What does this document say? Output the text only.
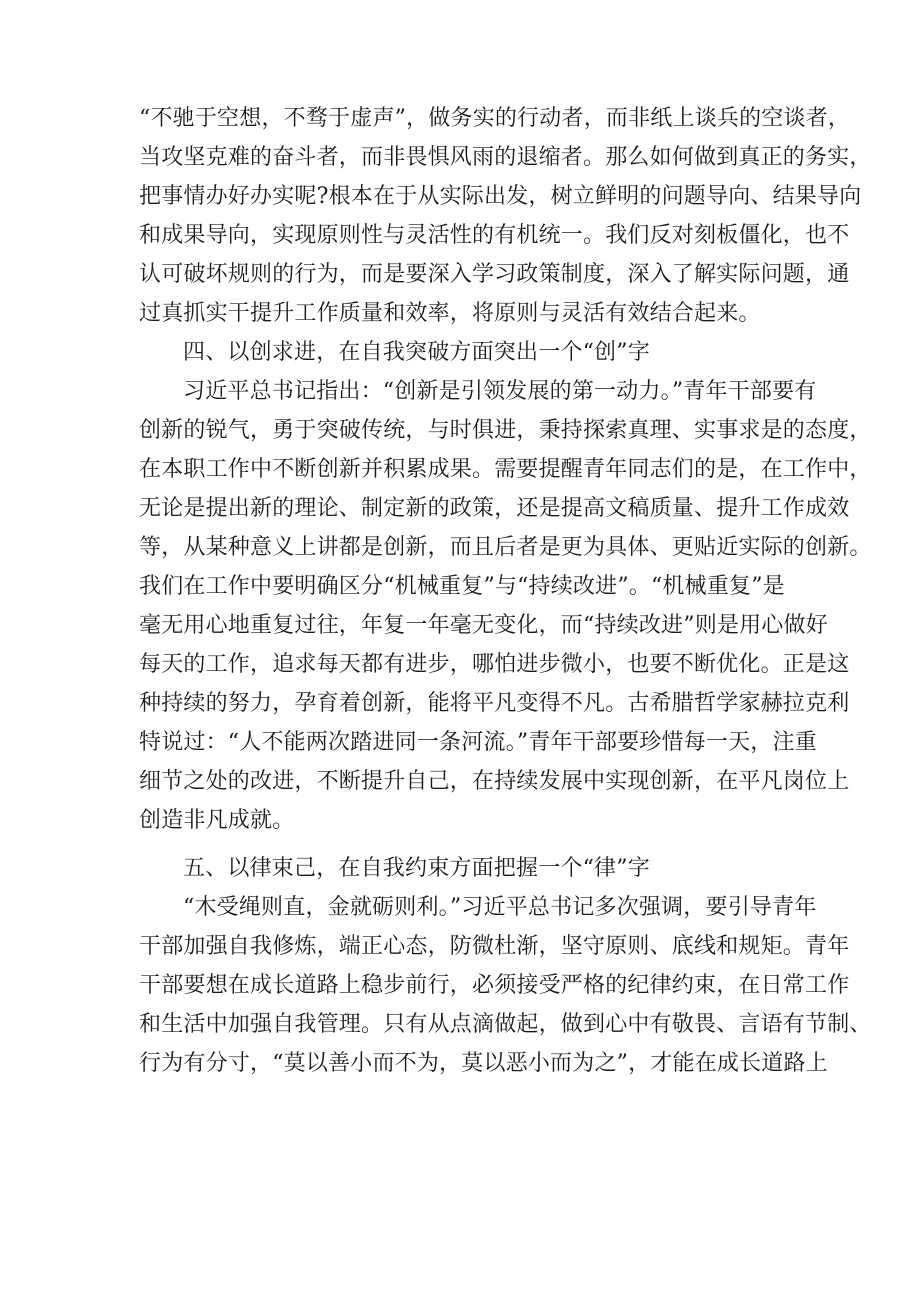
“不驰于空想，不骛于虚声”，做务实的行动者，而非纸上谈兵的空谈者，
当攻坚克难的奋斗者，而非畏惧风雨的退缩者。那么如何做到真正的务实，
把事情办好办实呢?根本在于从实际出发，树立鲜明的问题导向、结果导向
和成果导向，实现原则性与灵活性的有机统一。我们反对刻板僵化，也不
认可破坏规则的行为，而是要深入学习政策制度，深入了解实际问题，通
过真抓实干提升工作质量和效率，将原则与灵活有效结合起来。
四、以创求进，在自我突破方面突出一个“创”字
习近平总书记指出：“创新是引领发展的第一动力。”青年干部要有
创新的锐气，勇于突破传统，与时俱进，秉持探索真理、实事求是的态度，
在本职工作中不断创新并积累成果。需要提醒青年同志们的是，在工作中，
无论是提出新的理论、制定新的政策，还是提高文稿质量、提升工作成效
等，从某种意义上讲都是创新，而且后者是更为具体、更贴近实际的创新。
我们在工作中要明确区分“机械重复”与“持续改进”。“机械重复”是
毫无用心地重复过往，年复一年毫无变化，而“持续改进”则是用心做好
每天的工作，追求每天都有进步，哪怕进步微小，也要不断优化。正是这
种持续的努力，孕育着创新，能将平凡变得不凡。古希腊哲学家赫拉克利
特说过：“人不能两次踏进同一条河流。”青年干部要珍惜每一天，注重
细节之处的改进，不断提升自己，在持续发展中实现创新，在平凡岗位上
创造非凡成就。
五、以律束己，在自我约束方面把握一个“律”字
“木受绳则直，金就砺则利。”习近平总书记多次强调，要引导青年
干部加强自我修炼，端正心态，防微杜渐，坚守原则、底线和规矩。青年
干部要想在成长道路上稳步前行，必须接受严格的纪律约束，在日常工作
和生活中加强自我管理。只有从点滴做起，做到心中有敬畏、言语有节制、
行为有分寸，“莫以善小而不为，莫以恶小而为之”，才能在成长道路上
